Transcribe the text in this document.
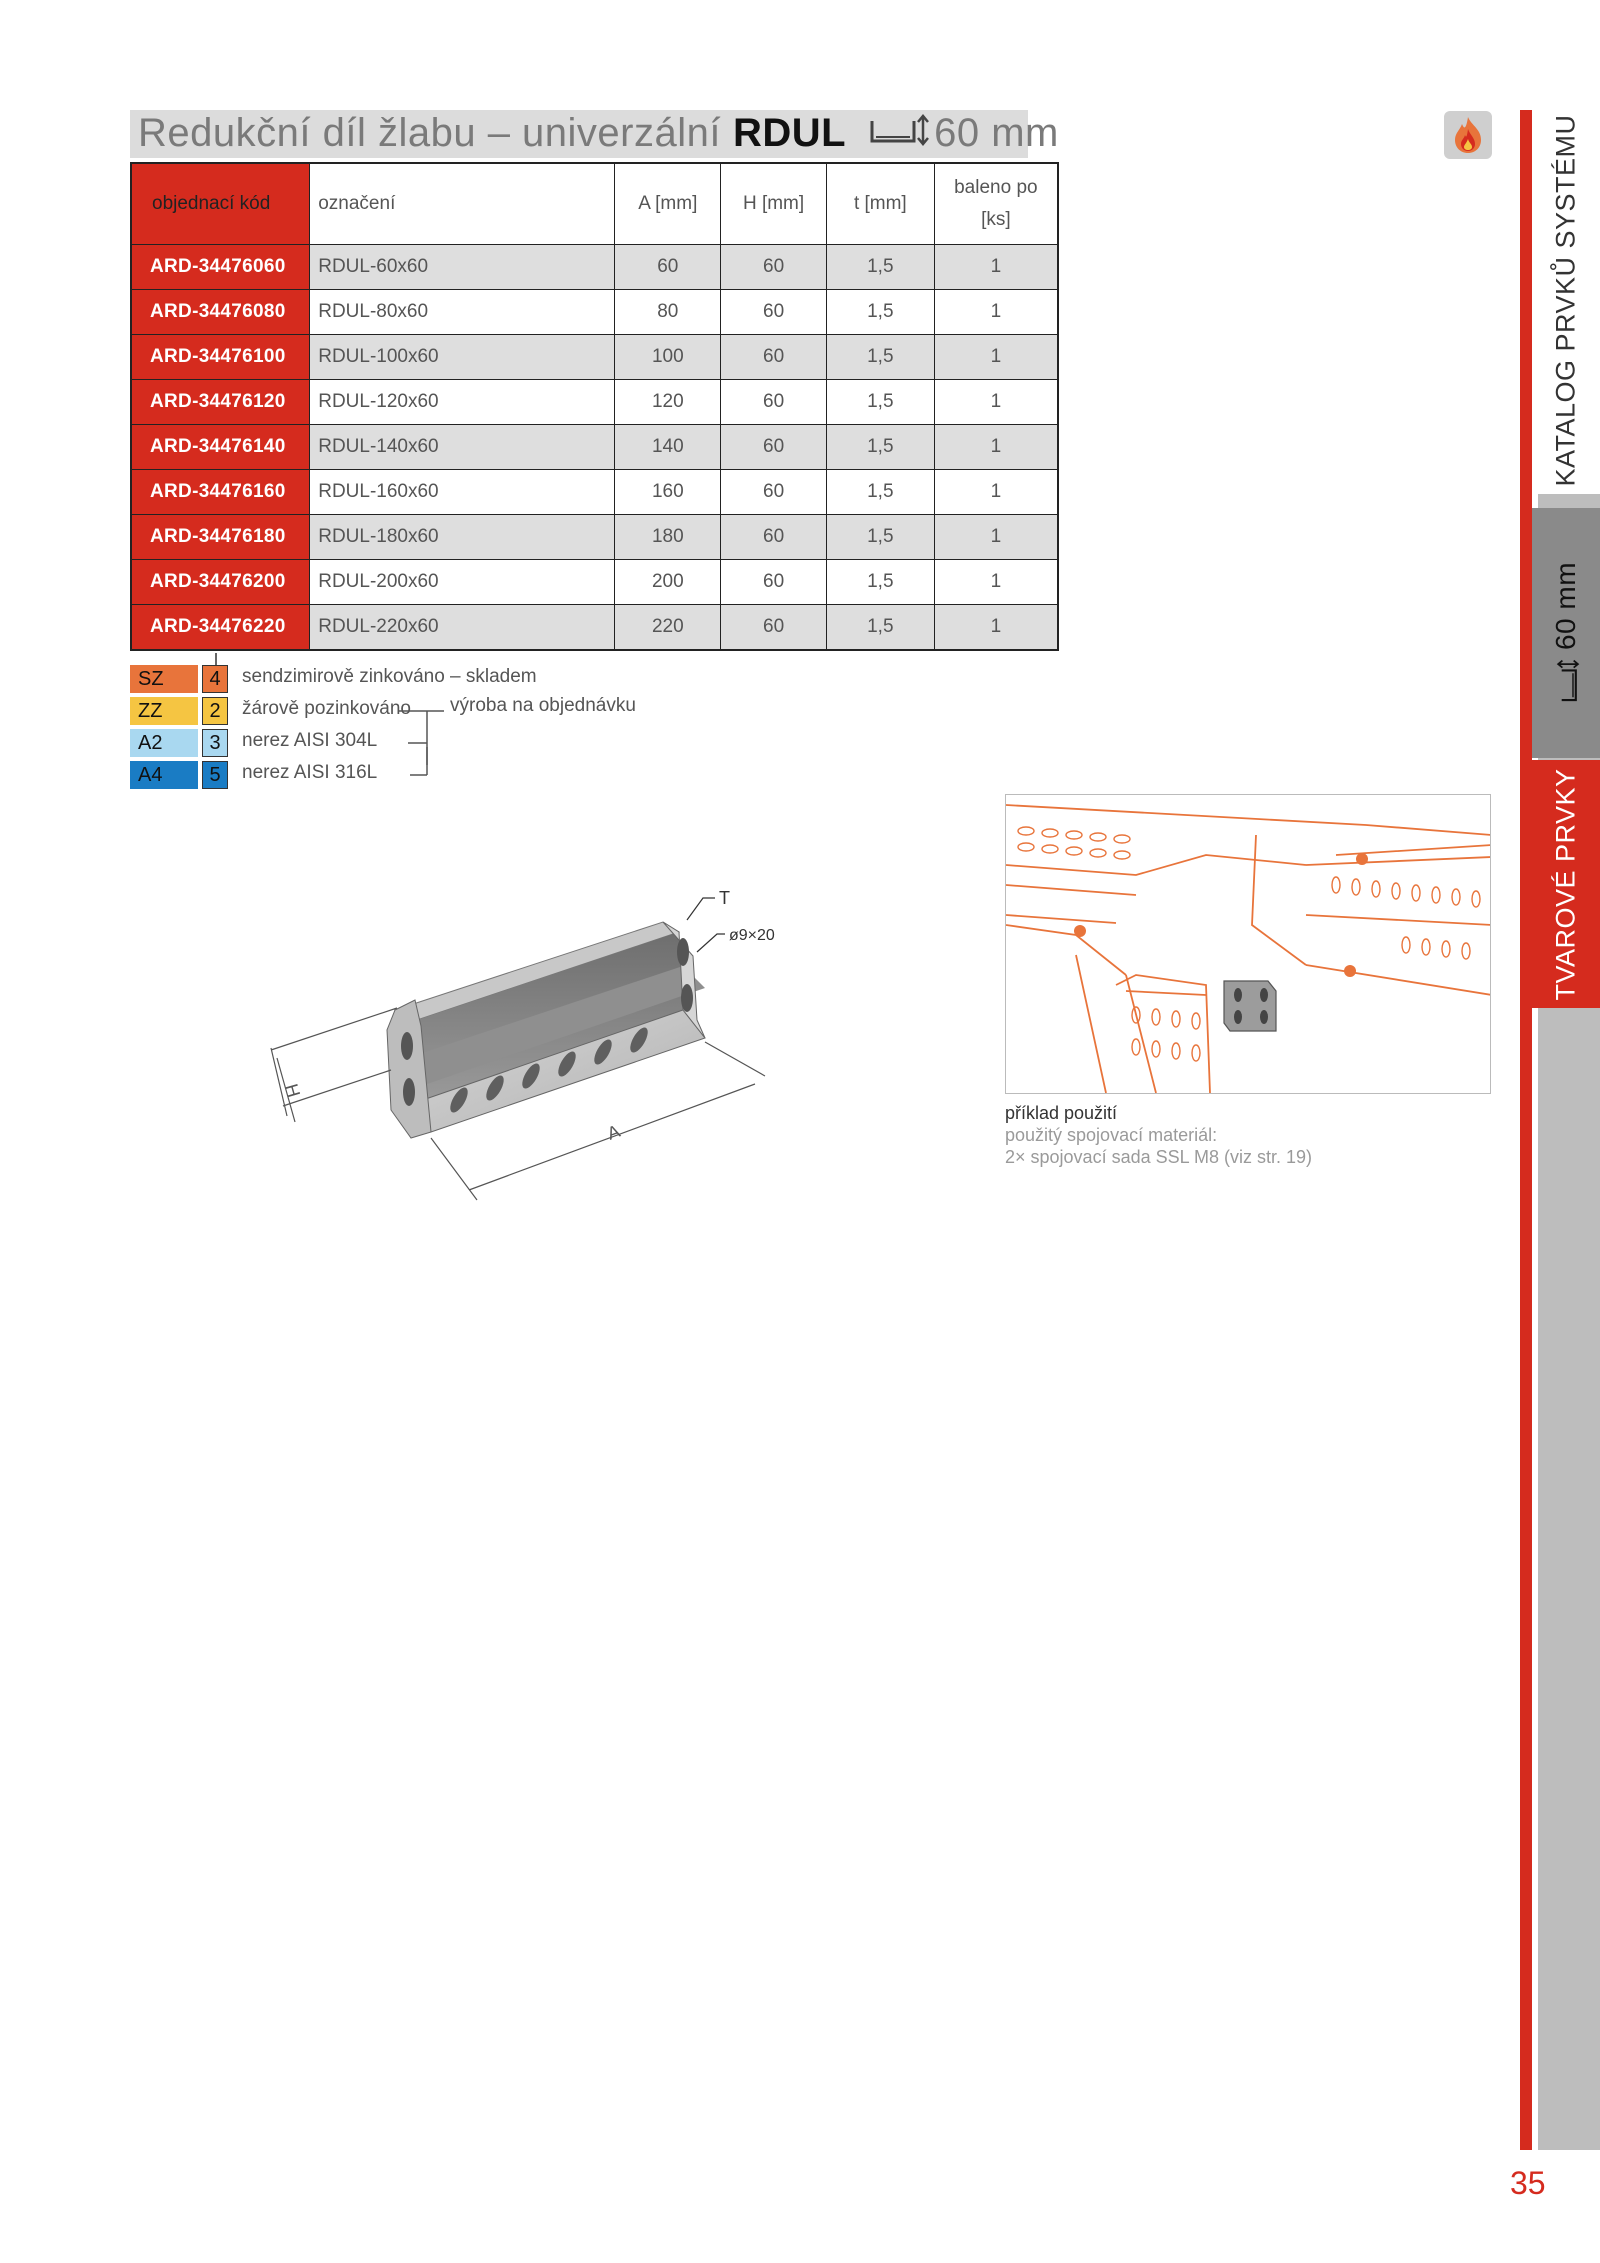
Redukční díl žlabu – univerzální RDUL 60 mm
objednací kód	označení	A [mm]	H [mm]	t [mm]	baleno po
[ks]

ARD-34476060	RDUL-60x60	60	60	1,5	1
ARD-34476080	RDUL-80x60	80	60	1,5	1
ARD-34476100	RDUL-100x60	100	60	1,5	1
ARD-34476120	RDUL-120x60	120	60	1,5	1
ARD-34476140	RDUL-140x60	140	60	1,5	1
ARD-34476160	RDUL-160x60	160	60	1,5	1
ARD-34476180	RDUL-180x60	180	60	1,5	1
ARD-34476200	RDUL-200x60	200	60	1,5	1
ARD-34476220	RDUL-220x60	220	60	1,5	1
SZ	4	sendzimirově zinkováno – skladem
ZZ	2	žárově pozinkováno
A2	3	nerez AISI 304L
A4	5	nerez AISI 316L
výroba na objednávku
T
ø9×20
H
A
příklad použití
použitý spojovací materiál:
2× spojovací sada SSL M8 (viz str. 19)
KATALOG PRVKŮ SYSTÉMU
60 mm
TVAROVÉ PRVKY
35
